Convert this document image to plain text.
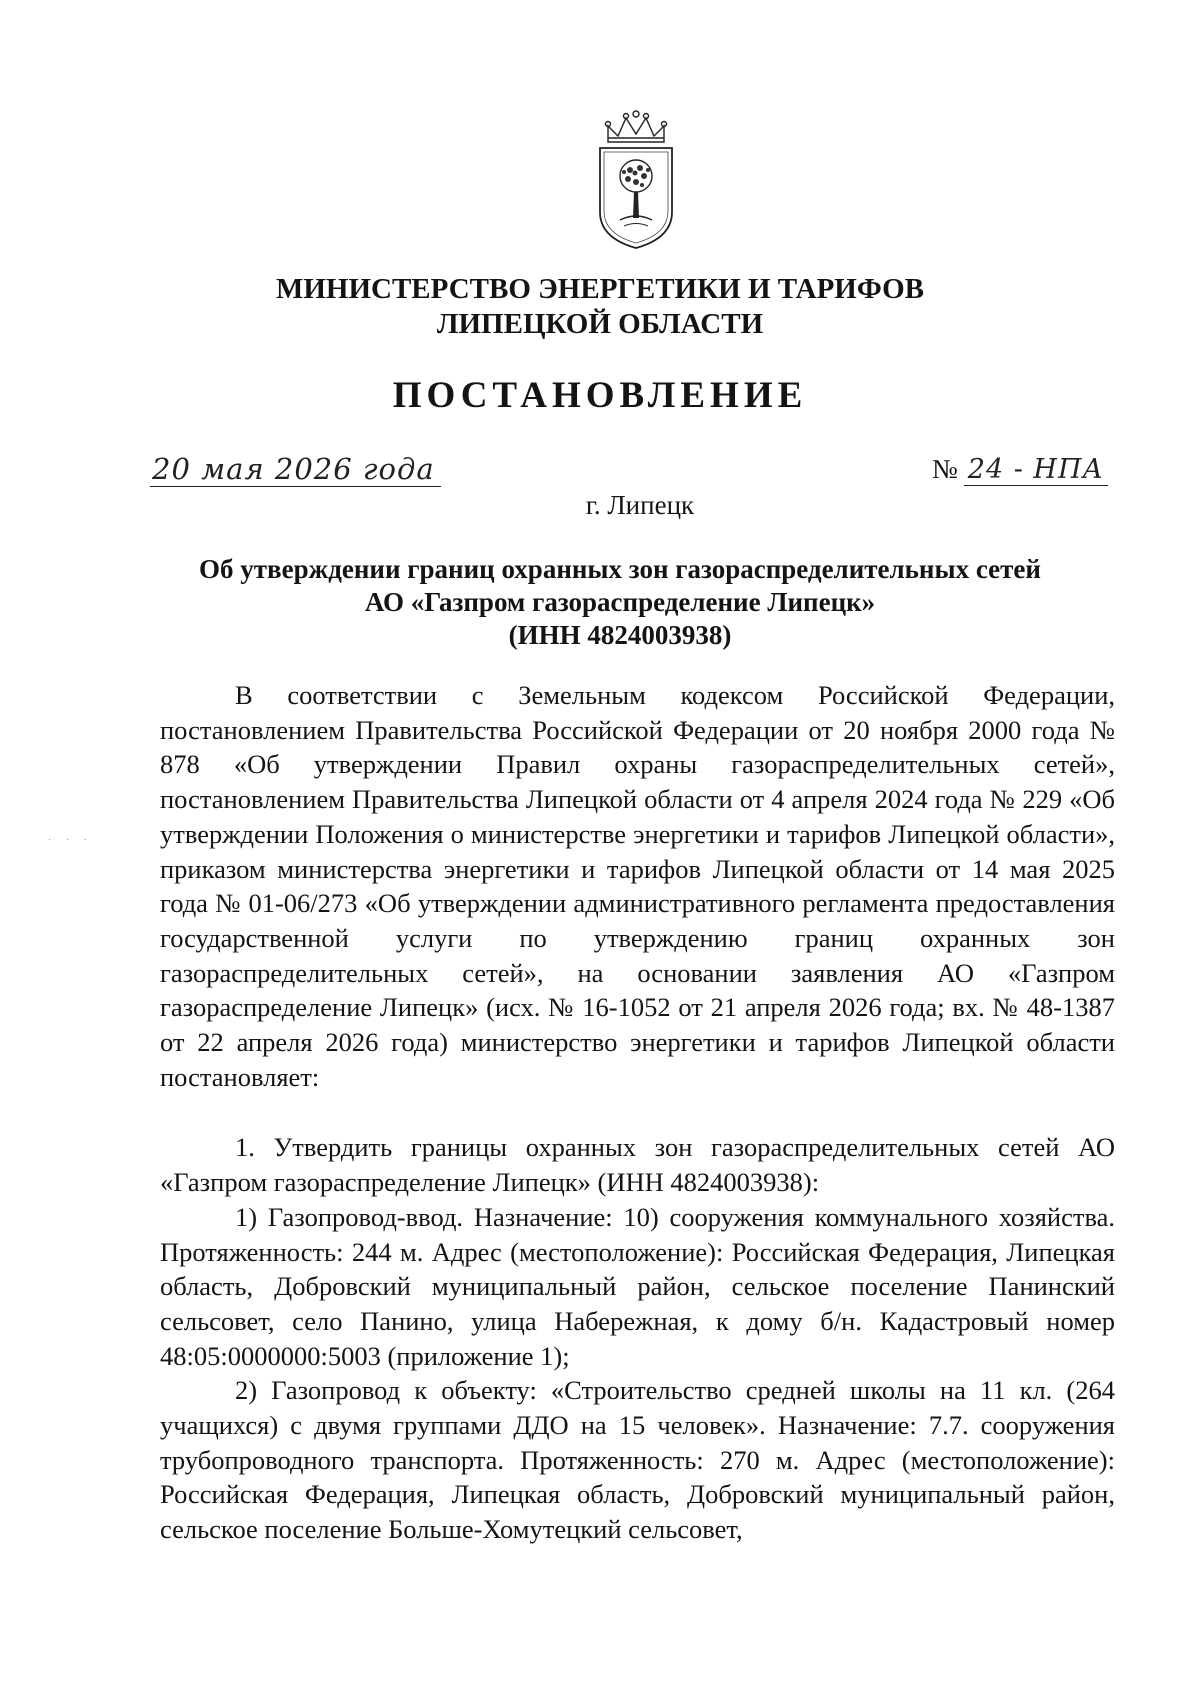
МИНИСТЕРСТВО ЭНЕРГЕТИКИ И ТАРИФОВ
ЛИПЕЦКОЙ ОБЛАСТИ
ПОСТАНОВЛЕНИЕ
20 мая 2026 года	№ 24 - НПА
г. Липецк
Об утверждении границ охранных зон газораспределительных сетей
АО «Газпром газораспределение Липецк»
(ИНН 4824003938)
· · ·

В соответствии с Земельным кодексом Российской Федерации, постановлением Правительства Российской Федерации от 20 ноября 2000 года № 878 «Об утверждении Правил охраны газораспределительных сетей», постановлением Правительства Липецкой области от 4 апреля 2024 года № 229 «Об утверждении Положения о министерстве энергетики и тарифов Липецкой области», приказом министерства энергетики и тарифов Липецкой области от 14 мая 2025 года № 01-06/273 «Об утверждении административного регламента предоставления государственной услуги по утверждению границ охранных зон газораспределительных сетей», на основании заявления АО «Газпром газораспределение Липецк» (исх. № 16-1052 от 21 апреля 2026 года; вх. № 48-1387 от 22 апреля 2026 года) министерство энергетики и тарифов Липецкой области постановляет:

1. Утвердить границы охранных зон газораспределительных сетей АО «Газпром газораспределение Липецк» (ИНН 4824003938):

1) Газопровод-ввод. Назначение: 10) сооружения коммунального хозяйства. Протяженность: 244 м. Адрес (местоположение): Российская Федерация, Липецкая область, Добровский муниципальный район, сельское поселение Панинский сельсовет, село Панино, улица Набережная, к дому б/н. Кадастровый номер 48:05:0000000:5003 (приложение 1);

2) Газопровод к объекту: «Строительство средней школы на 11 кл. (264 учащихся) с двумя группами ДДО на 15 человек». Назначение: 7.7. сооружения трубопроводного транспорта. Протяженность: 270 м. Адрес (местоположение): Российская Федерация, Липецкая область, Добровский муниципальный район, сельское поселение Больше-Хомутецкий сельсовет,
